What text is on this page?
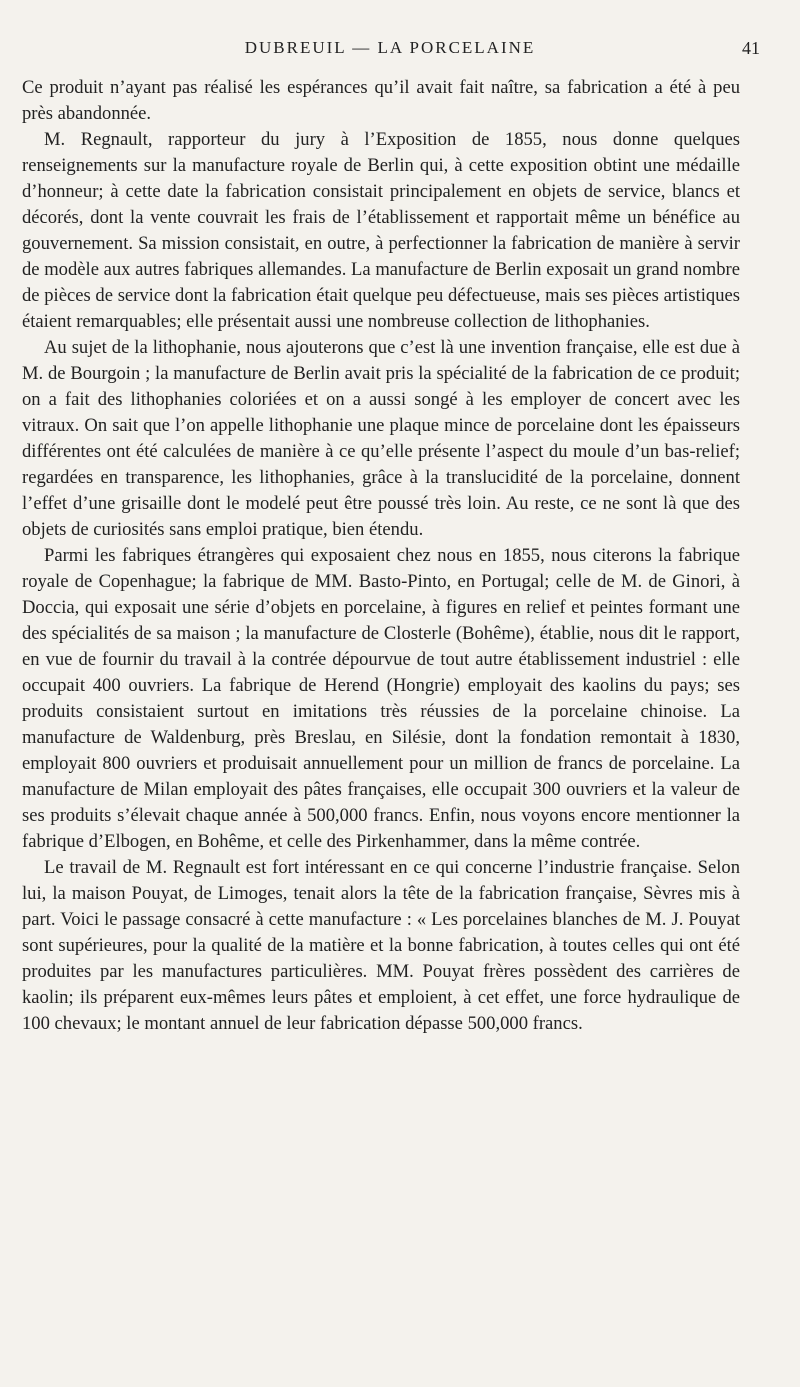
DUBREUIL — LA PORCELAINE	41

Ce produit n’ayant pas réalisé les espérances qu’il avait fait naître, sa fabrication a été à peu près abandonnée.

M. Regnault, rapporteur du jury à l’Exposition de 1855, nous donne quelques renseignements sur la manufacture royale de Berlin qui, à cette exposition obtint une médaille d’honneur; à cette date la fabrication consistait principalement en objets de service, blancs et décorés, dont la vente couvrait les frais de l’établissement et rapportait même un bénéfice au gouvernement. Sa mission consistait, en outre, à perfectionner la fabrication de manière à servir de modèle aux autres fabriques allemandes. La manufacture de Berlin exposait un grand nombre de pièces de service dont la fabrication était quelque peu défectueuse, mais ses pièces artistiques étaient remarquables; elle présentait aussi une nombreuse collection de lithophanies.

Au sujet de la lithophanie, nous ajouterons que c’est là une invention française, elle est due à M. de Bourgoin ; la manufacture de Berlin avait pris la spécialité de la fabrication de ce produit; on a fait des lithophanies coloriées et on a aussi songé à les employer de concert avec les vitraux. On sait que l’on appelle lithophanie une plaque mince de porcelaine dont les épaisseurs différentes ont été calculées de manière à ce qu’elle présente l’aspect du moule d’un bas-relief; regardées en transparence, les lithophanies, grâce à la translucidité de la porcelaine, donnent l’effet d’une grisaille dont le modelé peut être poussé très loin. Au reste, ce ne sont là que des objets de curiosités sans emploi pratique, bien étendu.

Parmi les fabriques étrangères qui exposaient chez nous en 1855, nous citerons la fabrique royale de Copenhague; la fabrique de MM. Basto-Pinto, en Portugal; celle de M. de Ginori, à Doccia, qui exposait une série d’objets en porcelaine, à figures en relief et peintes formant une des spécialités de sa maison ; la manufacture de Closterle (Bohême), établie, nous dit le rapport, en vue de fournir du travail à la contrée dépourvue de tout autre établissement industriel : elle occupait 400 ouvriers. La fabrique de Herend (Hongrie) employait des kaolins du pays; ses produits consistaient surtout en imitations très réussies de la porcelaine chinoise. La manufacture de Waldenburg, près Breslau, en Silésie, dont la fondation remontait à 1830, employait 800 ouvriers et produisait annuellement pour un million de francs de porcelaine. La manufacture de Milan employait des pâtes françaises, elle occupait 300 ouvriers et la valeur de ses produits s’élevait chaque année à 500,000 francs. Enfin, nous voyons encore mentionner la fabrique d’Elbogen, en Bohême, et celle des Pirkenhammer, dans la même contrée.

Le travail de M. Regnault est fort intéressant en ce qui concerne l’industrie française. Selon lui, la maison Pouyat, de Limoges, tenait alors la tête de la fabrication française, Sèvres mis à part. Voici le passage consacré à cette manufacture : « Les porcelaines blanches de M. J. Pouyat sont supérieures, pour la qualité de la matière et la bonne fabrication, à toutes celles qui ont été produites par les manufactures particulières. MM. Pouyat frères possèdent des carrières de kaolin; ils préparent eux-mêmes leurs pâtes et emploient, à cet effet, une force hydraulique de 100 chevaux; le montant annuel de leur fabrication dépasse 500,000 francs.
